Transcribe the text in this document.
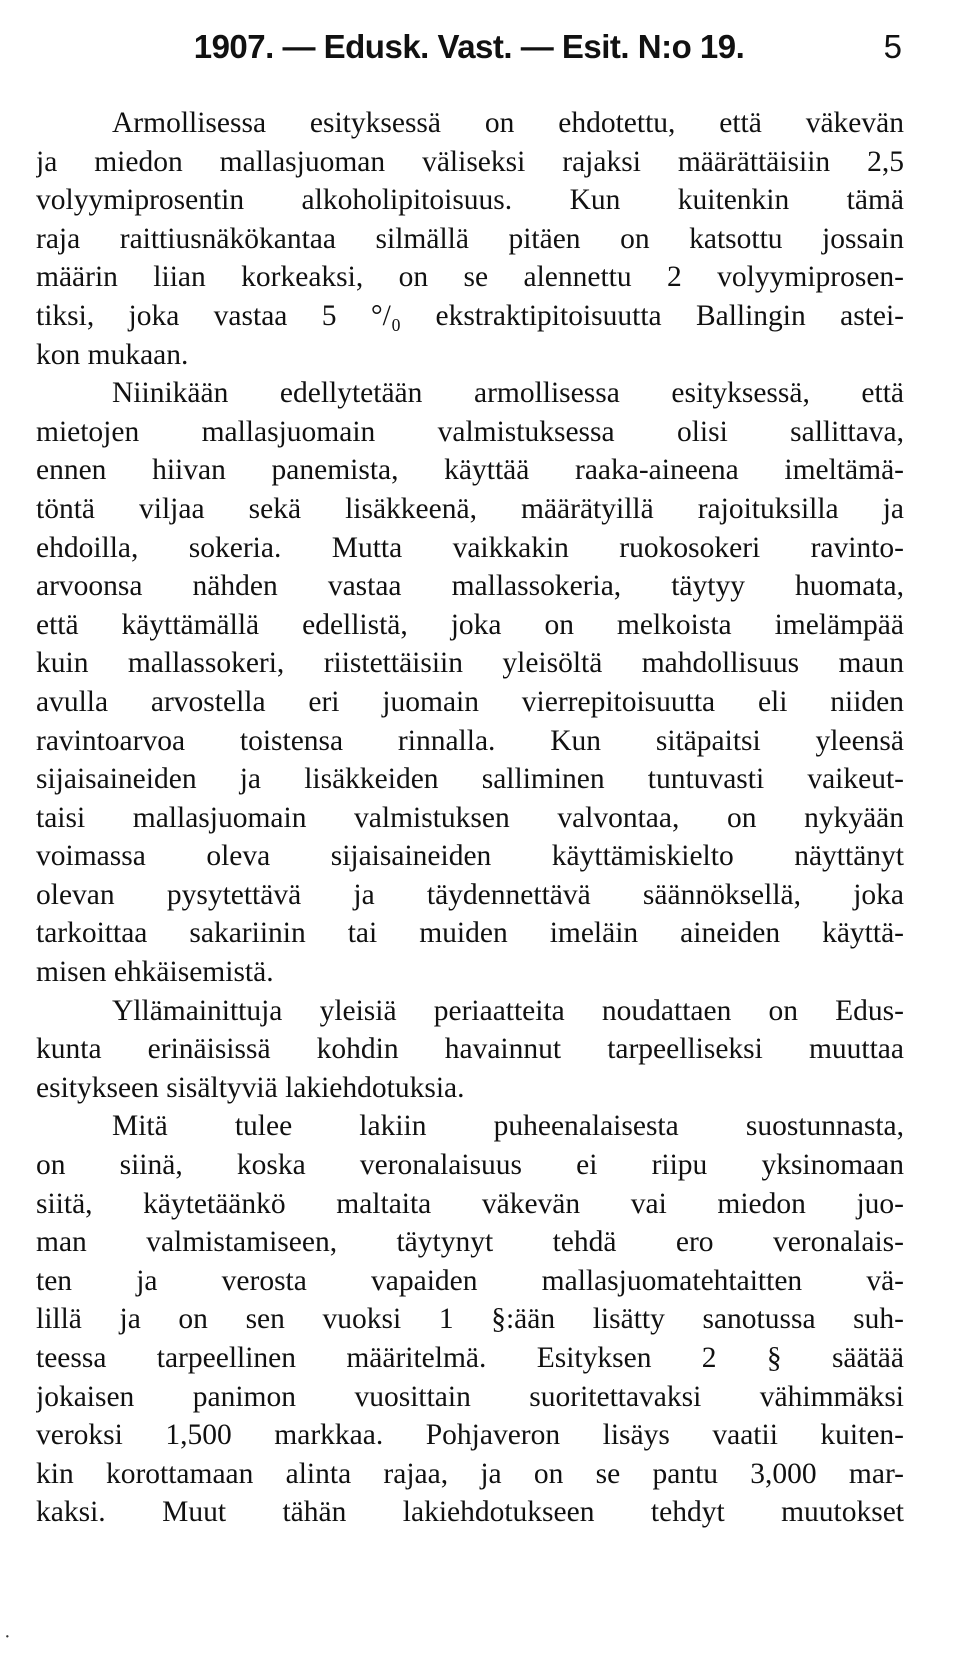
1907. — Edusk. Vast. — Esit. N:o 19.	5
Armollisessa esityksessä on ehdotettu, että väkevän
ja miedon mallasjuoman väliseksi rajaksi määrättäisiin 2,5
volyymiprosentin alkoholipitoisuus. Kun kuitenkin tämä
raja raittiusnäkökantaa silmällä pitäen on katsottu jossain
määrin liian korkeaksi, on se alennettu 2 volyymiprosen-
tiksi, joka vastaa 5 °/₀ ekstraktipitoisuutta Ballingin astei-
kon mukaan.
Niinikään edellytetään armollisessa esityksessä, että
mietojen mallasjuomain valmistuksessa olisi sallittava,
ennen hiivan panemista, käyttää raaka-aineena imeltämä-
töntä viljaa sekä lisäkkeenä, määrätyillä rajoituksilla ja
ehdoilla, sokeria. Mutta vaikkakin ruokosokeri ravinto-
arvoonsa nähden vastaa mallassokeria, täytyy huomata,
että käyttämällä edellistä, joka on melkoista imelämpää
kuin mallassokeri, riistettäisiin yleisöltä mahdollisuus maun
avulla arvostella eri juomain vierrepitoisuutta eli niiden
ravintoarvoa toistensa rinnalla. Kun sitäpaitsi yleensä
sijaisaineiden ja lisäkkeiden salliminen tuntuvasti vaikeut-
taisi mallasjuomain valmistuksen valvontaa, on nykyään
voimassa oleva sijaisaineiden käyttämiskielto näyttänyt
olevan pysytettävä ja täydennettävä säännöksellä, joka
tarkoittaa sakariinin tai muiden imeläin aineiden käyttä-
misen ehkäisemistä.
Yllämainittuja yleisiä periaatteita noudattaen on Edus-
kunta erinäisissä kohdin havainnut tarpeelliseksi muuttaa
esitykseen sisältyviä lakiehdotuksia.
Mitä tulee lakiin puheenalaisesta suostunnasta,
on siinä, koska veronalaisuus ei riipu yksinomaan
siitä, käytetäänkö maltaita väkevän vai miedon juo-
man valmistamiseen, täytynyt tehdä ero veronalais-
ten ja verosta vapaiden mallasjuomatehtaitten vä-
lillä ja on sen vuoksi 1 §:ään lisätty sanotussa suh-
teessa tarpeellinen määritelmä. Esityksen 2 § säätää
jokaisen panimon vuosittain suoritettavaksi vähimmäksi
veroksi 1,500 markkaa. Pohjaveron lisäys vaatii kuiten-
kin korottamaan alinta rajaa, ja on se pantu 3,000 mar-
kaksi. Muut tähän lakiehdotukseen tehdyt muutokset
·
